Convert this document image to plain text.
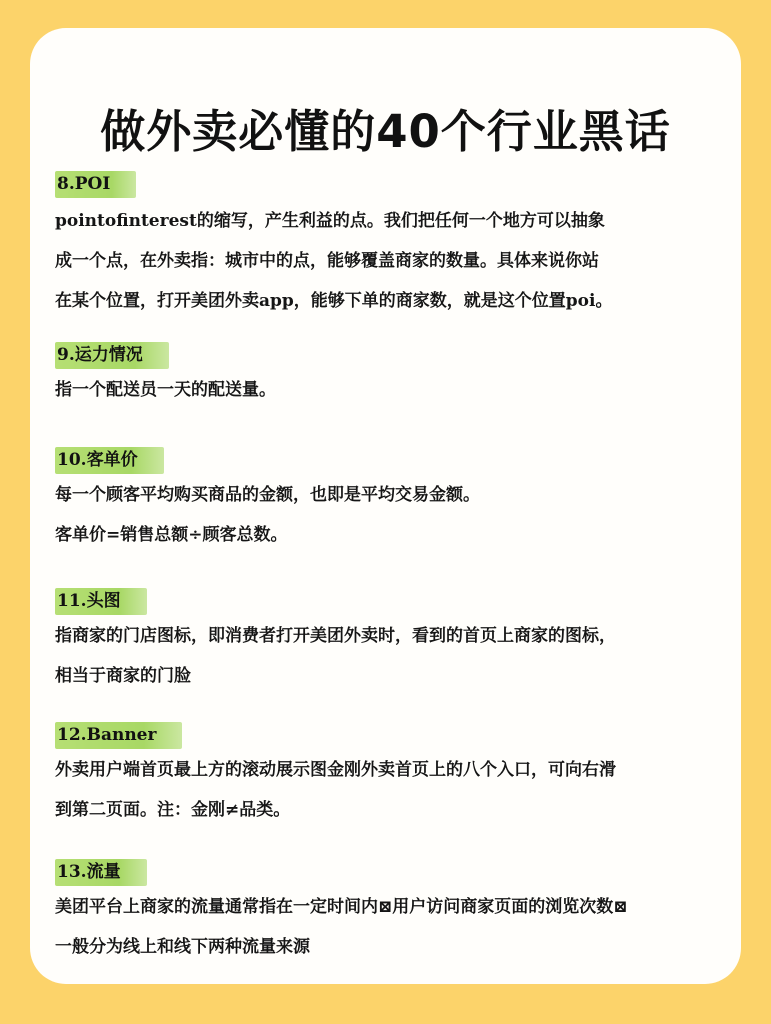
做外卖必懂的40个行业黑话
8.POI
pointofinterest的缩写，产生利益的点。我们把任何一个地方可以抽象
成一个点，在外卖指：城市中的点，能够覆盖商家的数量。具体来说你站
在某个位置，打开美团外卖app，能够下单的商家数，就是这个位置poi。
9.运力情况
指一个配送员一天的配送量。
10.客单价
每一个顾客平均购买商品的金额，也即是平均交易金额。
客单价=销售总额÷顾客总数。
11.头图
指商家的门店图标，即消费者打开美团外卖时，看到的首页上商家的图标，
相当于商家的门脸
12.Banner
外卖用户端首页最上方的滚动展示图金刚外卖首页上的八个入口，可向右滑
到第二页面。注：金刚≠品类。
13.流量
美团平台上商家的流量通常指在一定时间内⊠用户访问商家页面的浏览次数⊠
一般分为线上和线下两种流量来源
